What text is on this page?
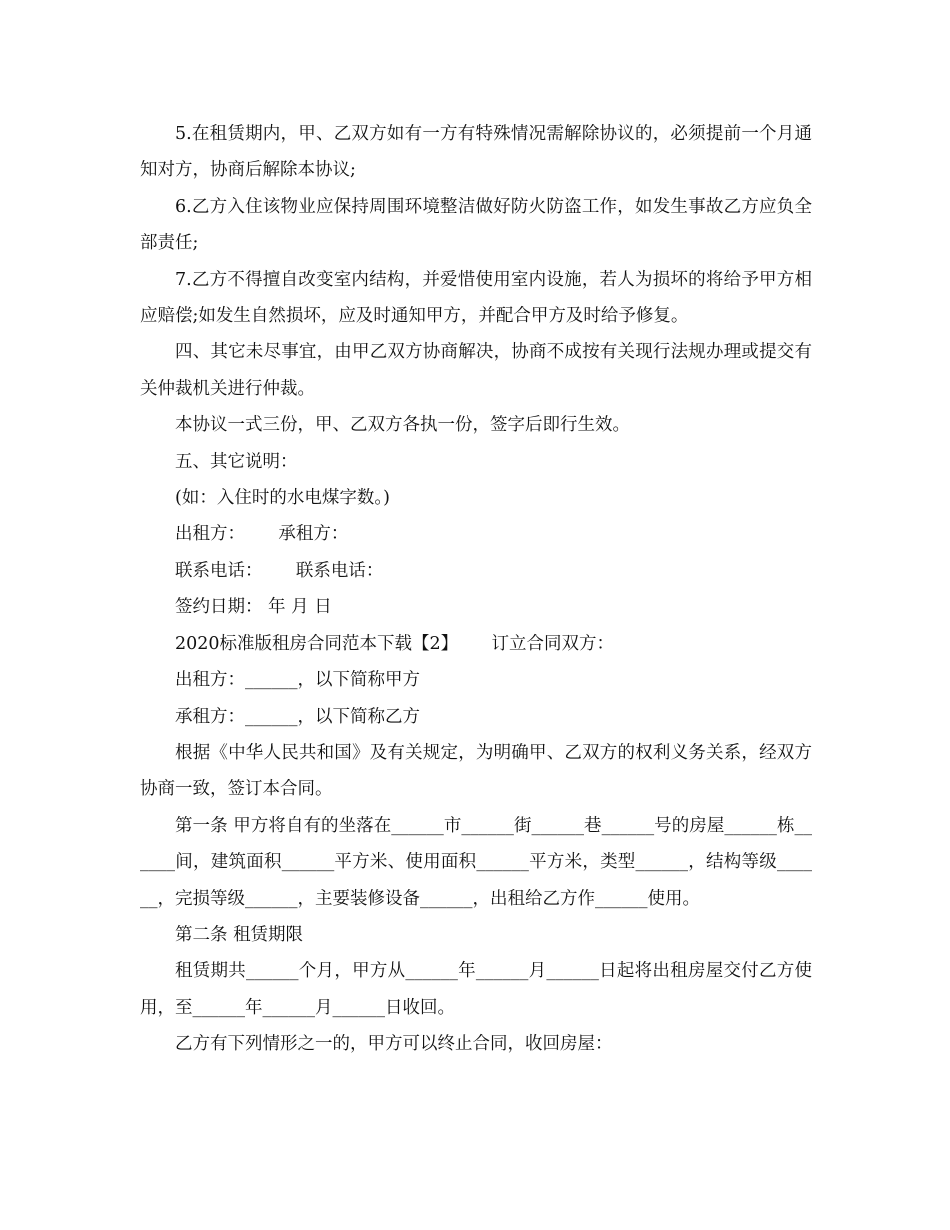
5.在租赁期内，甲、乙双方如有一方有特殊情况需解除协议的，必须提前一个月通知对方，协商后解除本协议;

6.乙方入住该物业应保持周围环境整洁做好防火防盗工作，如发生事故乙方应负全部责任;

7.乙方不得擅自改变室内结构，并爱惜使用室内设施，若人为损坏的将给予甲方相应赔偿;如发生自然损坏，应及时通知甲方，并配合甲方及时给予修复。

四、其它未尽事宜，由甲乙双方协商解决，协商不成按有关现行法规办理或提交有关仲裁机关进行仲裁。

本协议一式三份，甲、乙双方各执一份，签字后即行生效。

五、其它说明：

(如：入住时的水电煤字数。)

出租方：      承租方：

联系电话：      联系电话：

签约日期： 年 月 日

2020标准版租房合同范本下载【2】      订立合同双方：

出租方：______，以下简称甲方

承租方：______，以下简称乙方

根据《中华人民共和国》及有关规定，为明确甲、乙双方的权利义务关系，经双方协商一致，签订本合同。

第一条 甲方将自有的坐落在______市______街______巷______号的房屋______栋______间，建筑面积______平方米、使用面积______平方米，类型______，结构等级______，完损等级______，主要装修设备______，出租给乙方作______使用。

第二条 租赁期限

租赁期共______个月，甲方从______年______月______日起将出租房屋交付乙方使用，至______年______月______日收回。

乙方有下列情形之一的，甲方可以终止合同，收回房屋：
